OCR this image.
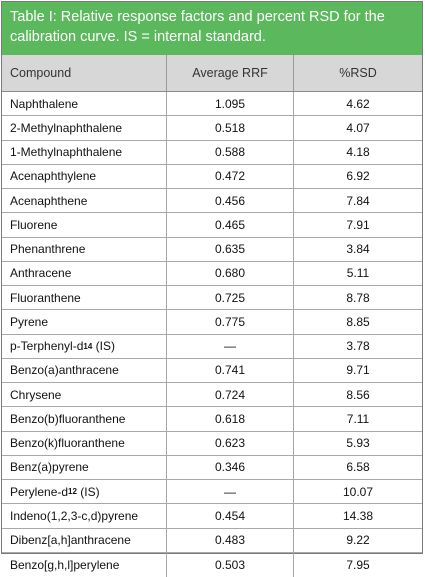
Table I: Relative response factors and percent RSD for the calibration curve. IS = internal standard.
Compound	Average RRF	%RSD
Naphthalene	1.095	4.62
2-Methylnaphthalene	0.518	4.07
1-Methylnaphthalene	0.588	4.18
Acenaphthylene	0.472	6.92
Acenaphthene	0.456	7.84
Fluorene	0.465	7.91
Phenanthrene	0.635	3.84
Anthracene	0.680	5.11
Fluoranthene	0.725	8.78
Pyrene	0.775	8.85
p-Terphenyl-d 14 (IS)	—	3.78
Benzo(a)anthracene	0.741	9.71
Chrysene	0.724	8.56
Benzo(b)fluoranthene	0.618	7.11
Benzo(k)fluoranthene	0.623	5.93
Benz(a)pyrene	0.346	6.58
Perylene-d 12 (IS)	—	10.07
Indeno(1,2,3-c,d)pyrene	0.454	14.38
Dibenz[a,h]anthracene	0.483	9.22
Benzo[g,h,l]perylene	0.503	7.95
